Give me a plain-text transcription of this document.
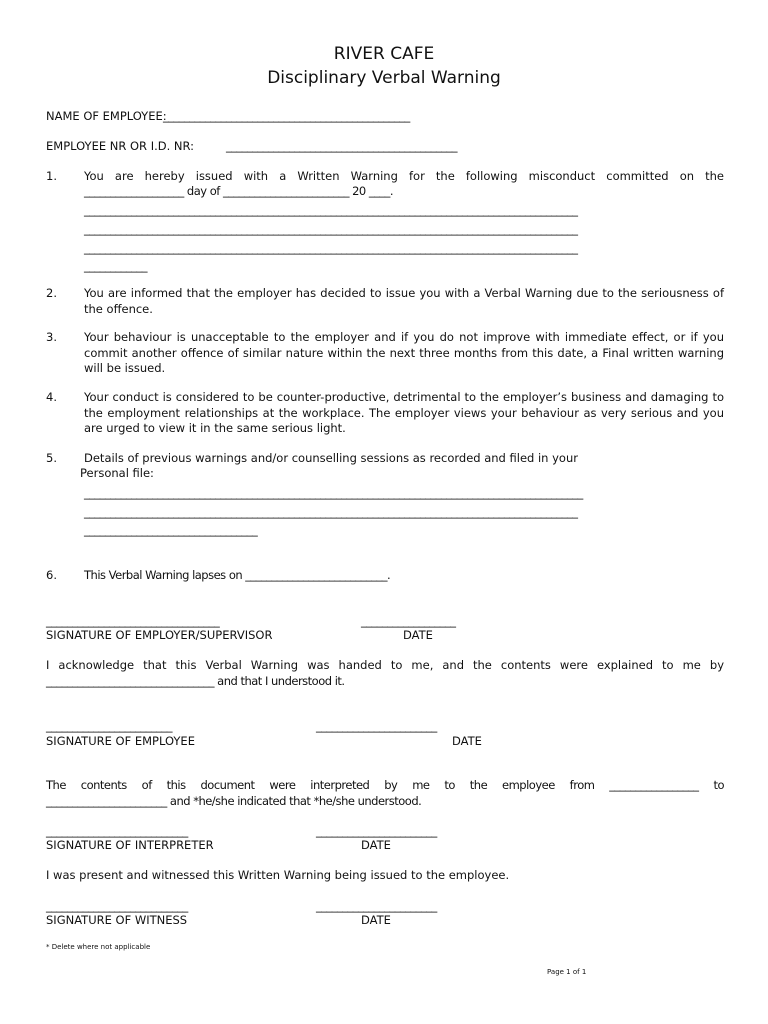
RIVER CAFE
Disciplinary Verbal Warning
NAME OF EMPLOYEE:
_______________________________________________
EMPLOYEE NR OR I.D. NR:	____________________________________________
1. You are hereby issued with a Written Warning for the following misconduct committed on the
___________________ day of ________________________ 20 ____.
______________________________________________________________________________________________
______________________________________________________________________________________________
______________________________________________________________________________________________
____________
2. You are informed that the employer has decided to issue you with a Verbal Warning due to the seriousness of the offence.
3. Your behaviour is unacceptable to the employer and if you do not improve with immediate effect, or if you commit another offence of similar nature within the next three months from this date, a Final written warning will be issued.
4. Your conduct is considered to be counter-productive, detrimental to the employer’s business and damaging to the employment relationships at the workplace. The employer views your behaviour as very serious and you are urged to view it in the same serious light.
5. Details of previous warnings and/or counselling sessions as recorded and filed in your
Personal file:
_______________________________________________________________________________________________
______________________________________________________________________________________________
_________________________________
6. This Verbal Warning lapses on ___________________________.
_________________________________	__________________
SIGNATURE OF EMPLOYER/SUPERVISOR	DATE
I acknowledge that this Verbal Warning was handed to me, and the contents were explained to me by
________________________________ and that I understood it.
________________________	_______________________
SIGNATURE OF EMPLOYEE	DATE
The contents of this document were interpreted by me to the employee from _________________ to
_______________________ and *he/she indicated that *he/she understood.
___________________________	_______________________
SIGNATURE OF INTERPRETER	DATE
I was present and witnessed this Written Warning being issued to the employee.
___________________________	_______________________
SIGNATURE OF WITNESS	DATE
* Delete where not applicable
Page 1 of 1
